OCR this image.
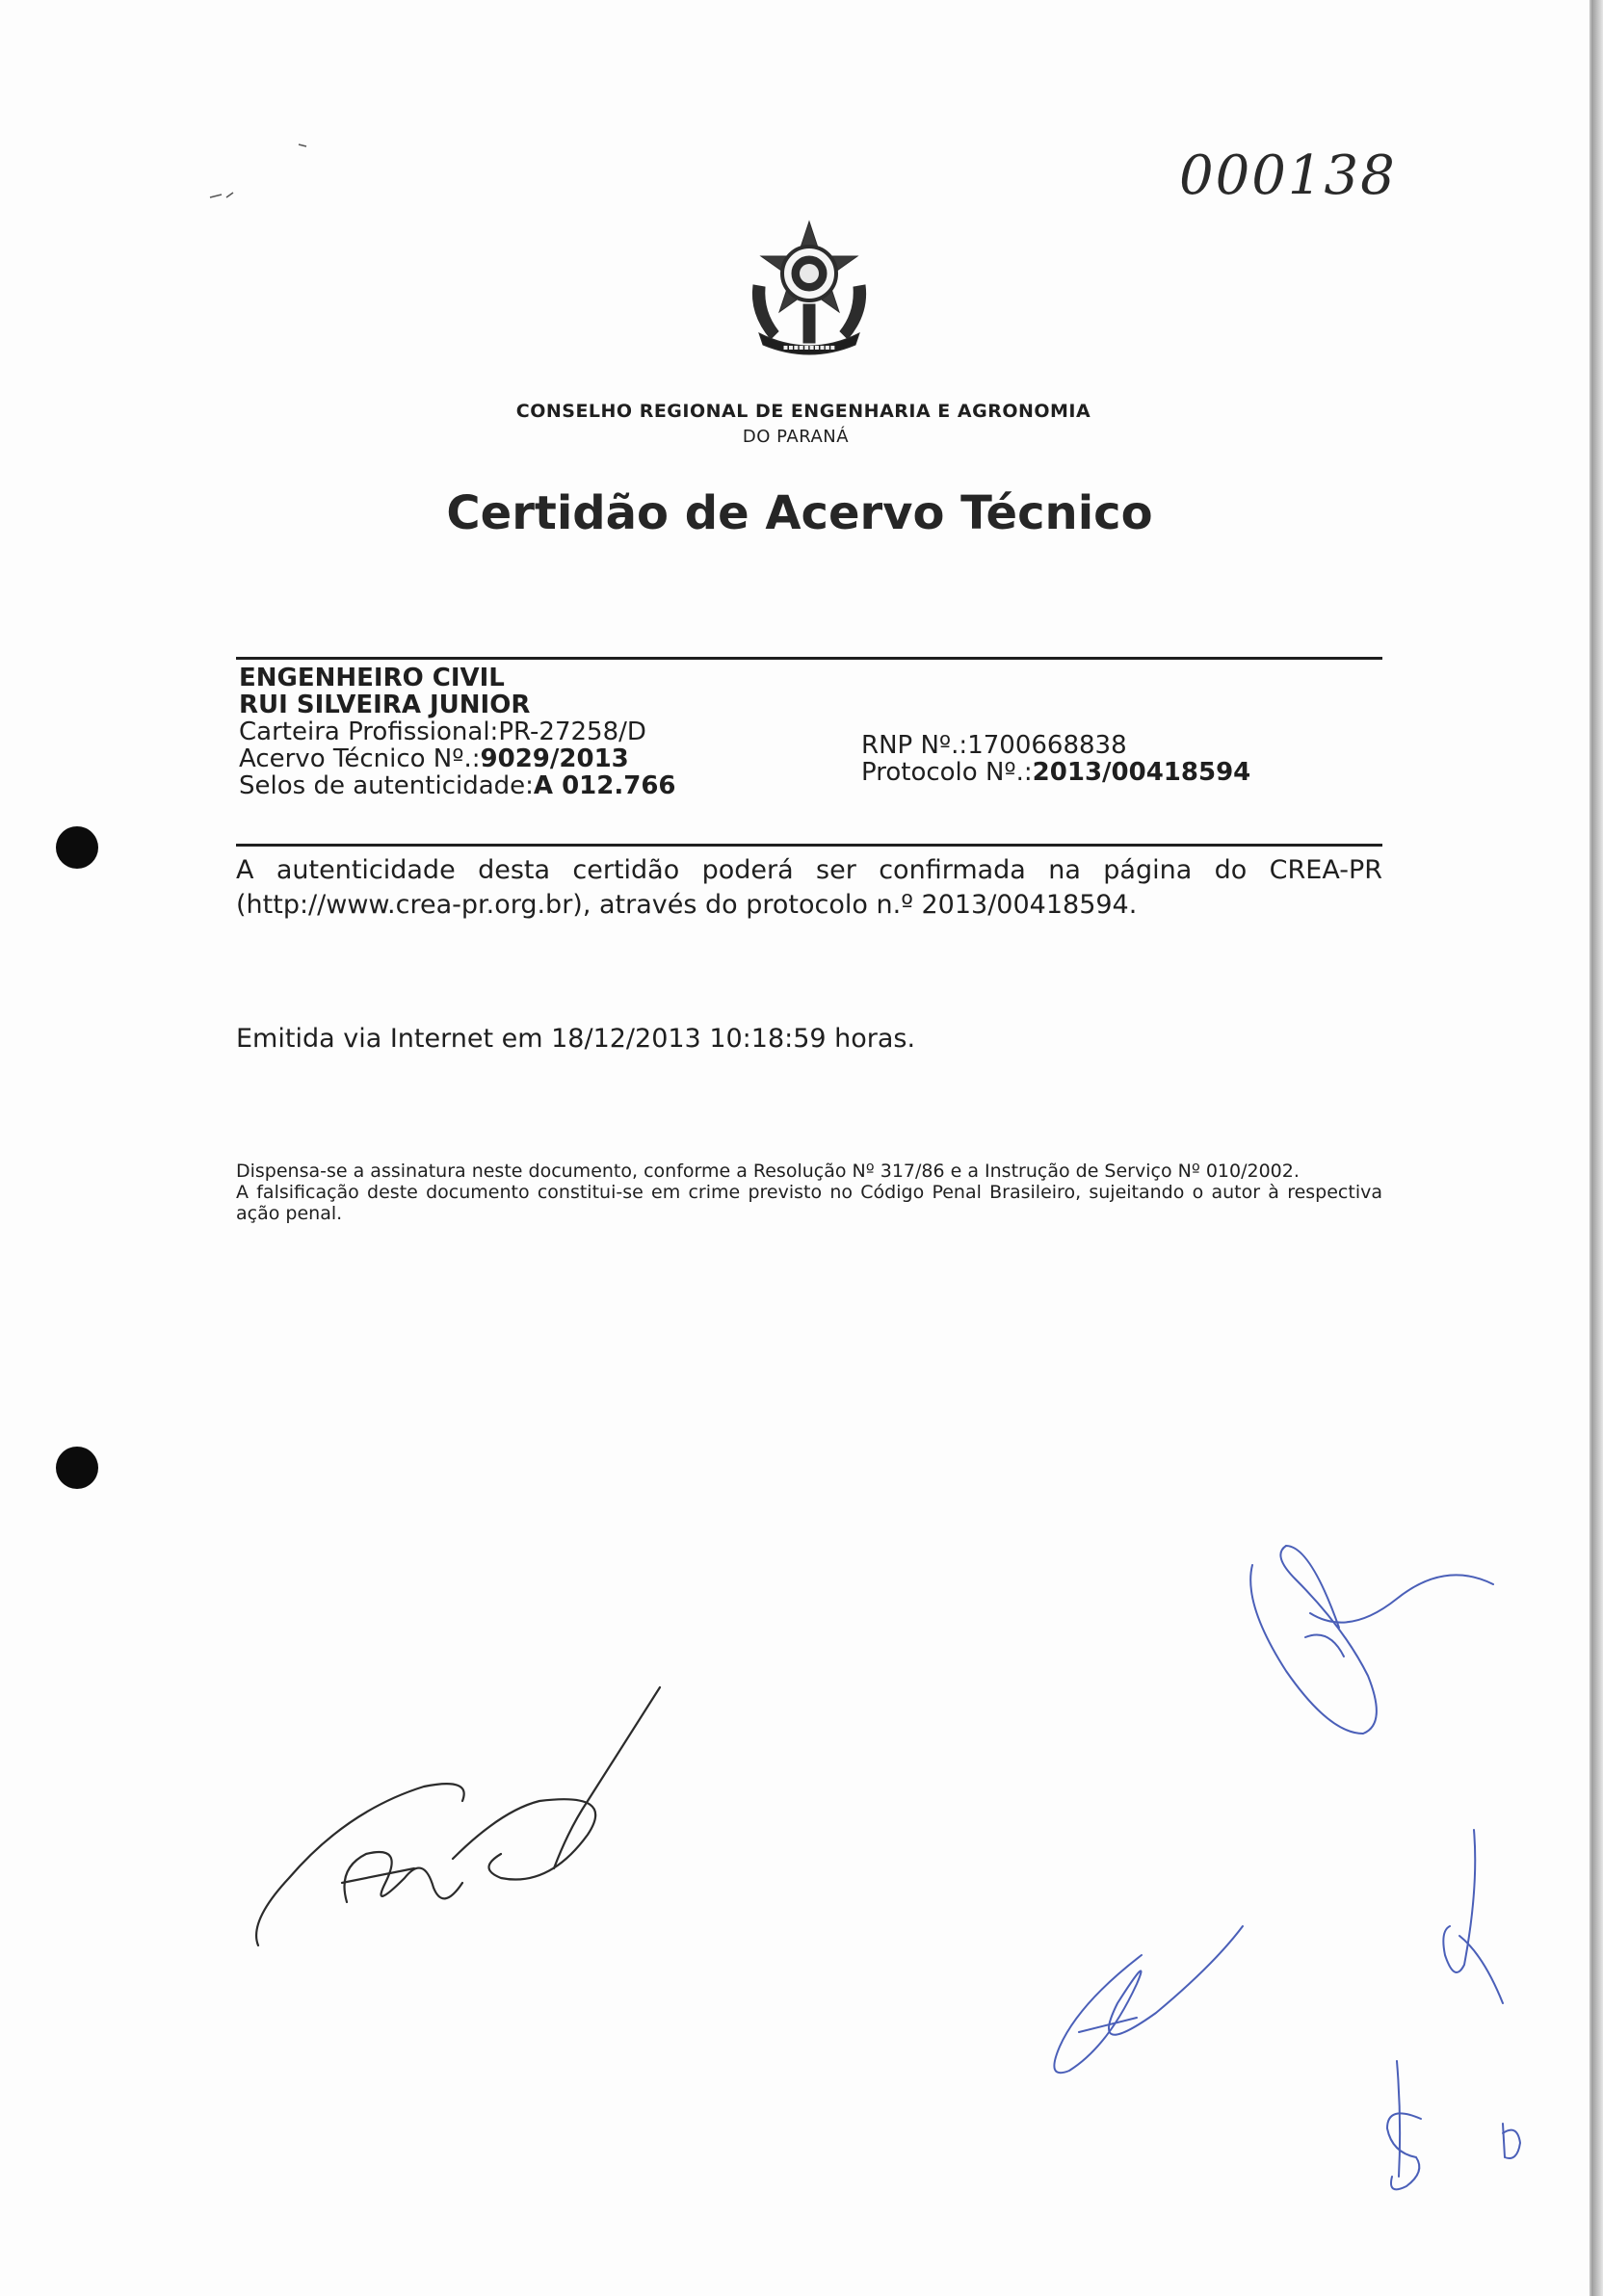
000138
▪▪▪▪▪▪▪▪▪▪
CONSELHO REGIONAL DE ENGENHARIA E AGRONOMIA
DO PARANÁ
Certidão de Acervo Técnico
ENGENHEIRO CIVIL
RUI SILVEIRA JUNIOR
Carteira Profissional:PR-27258/D
Acervo Técnico Nº.:9029/2013
Selos de autenticidade:A 012.766
RNP Nº.:1700668838
Protocolo Nº.:2013/00418594
A autenticidade desta certidão poderá ser confirmada na página do CREA-PR (http://www.crea-pr.org.br), através do protocolo n.º 2013/00418594.
Emitida via Internet em 18/12/2013 10:18:59 horas.

Dispensa-se a assinatura neste documento, conforme a Resolução Nº 317/86 e a Instrução de Serviço Nº 010/2002.

A falsificação deste documento constitui-se em crime previsto no Código Penal Brasileiro, sujeitando o autor à respectiva ação penal.
